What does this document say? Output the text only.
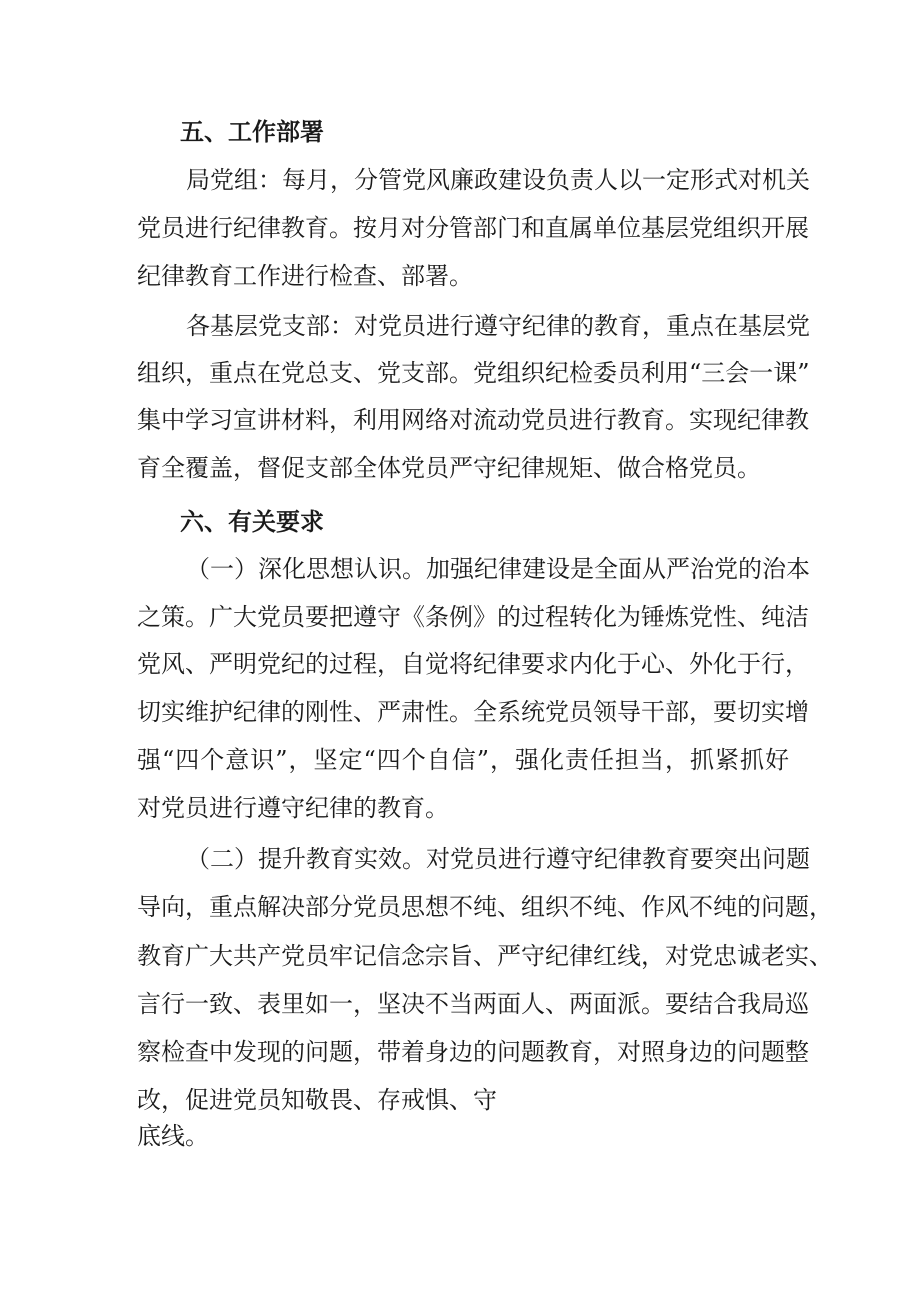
五、工作部署

局党组：每月，分管党风廉政建设负责人以一定形式对机关

党员进行纪律教育。按月对分管部门和直属单位基层党组织开展

纪律教育工作进行检查、部署。

各基层党支部：对党员进行遵守纪律的教育，重点在基层党

组织，重点在党总支、党支部。党组织纪检委员利用“三会一课”

集中学习宣讲材料，利用网络对流动党员进行教育。实现纪律教

育全覆盖，督促支部全体党员严守纪律规矩、做合格党员。

六、有关要求

（一）深化思想认识。加强纪律建设是全面从严治党的治本

之策。广大党员要把遵守《条例》的过程转化为锤炼党性、纯洁

党风、严明党纪的过程，自觉将纪律要求内化于心、外化于行，

切实维护纪律的刚性、严肃性。全系统党员领导干部，要切实增

强“四个意识”，坚定“四个自信”，强化责任担当，抓紧抓好

对党员进行遵守纪律的教育。

（二）提升教育实效。对党员进行遵守纪律教育要突出问题

导向，重点解决部分党员思想不纯、组织不纯、作风不纯的问题，

教育广大共产党员牢记信念宗旨、严守纪律红线，对党忠诚老实、

言行一致、表里如一，坚决不当两面人、两面派。要结合我局巡

察检查中发现的问题，带着身边的问题教育，对照身边的问题整

改，促进党员知敬畏、存戒惧、守

底线。
